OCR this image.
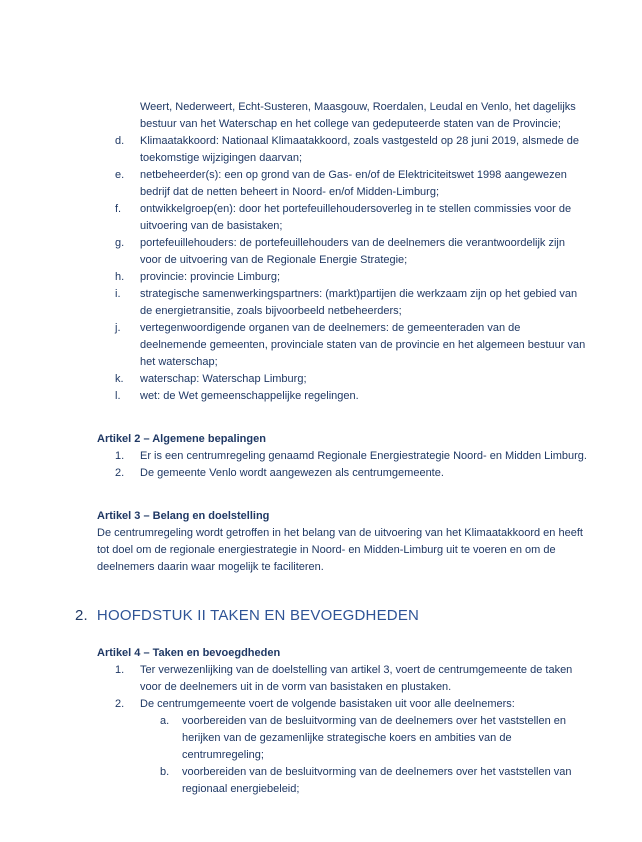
Weert, Nederweert, Echt-Susteren, Maasgouw, Roerdalen, Leudal en Venlo, het dagelijks bestuur van het Waterschap en het college van gedeputeerde staten van de Provincie;
d.	Klimaatakkoord: Nationaal Klimaatakkoord, zoals vastgesteld op 28 juni 2019, alsmede de toekomstige wijzigingen daarvan;
e.	netbeheerder(s): een op grond van de Gas- en/of de Elektriciteitswet 1998 aangewezen bedrijf dat de netten beheert in Noord- en/of Midden-Limburg;
f.	ontwikkelgroep(en): door het portefeuillehoudersoverleg in te stellen commissies voor de uitvoering van de basistaken;
g.	portefeuillehouders: de portefeuillehouders van de deelnemers die verantwoordelijk zijn voor de uitvoering van de Regionale Energie Strategie;
h.	provincie: provincie Limburg;
i.	strategische samenwerkingspartners: (markt)partijen die werkzaam zijn op het gebied van de energietransitie, zoals bijvoorbeeld netbeheerders;
j.	vertegenwoordigende organen van de deelnemers: de gemeenteraden van de deelnemende gemeenten, provinciale staten van de provincie en het algemeen bestuur van het waterschap;
k.	waterschap: Waterschap Limburg;
l.	wet: de Wet gemeenschappelijke regelingen.

Artikel 2 – Algemene bepalingen

1.	Er is een centrumregeling genaamd Regionale Energiestrategie Noord- en Midden Limburg.
2.	De gemeente Venlo wordt aangewezen als centrumgemeente.

Artikel 3 – Belang en doelstelling

De centrumregeling wordt getroffen in het belang van de uitvoering van het Klimaatakkoord en heeft tot doel om de regionale energiestrategie in Noord- en Midden-Limburg uit te voeren en om de deelnemers daarin waar mogelijk te faciliteren.

2. HOOFDSTUK II TAKEN EN BEVOEGDHEDEN

Artikel 4 – Taken en bevoegdheden

1.	Ter verwezenlijking van de doelstelling van artikel 3, voert de centrumgemeente de taken voor de deelnemers uit in de vorm van basistaken en plustaken.
2.	De centrumgemeente voert de volgende basistaken uit voor alle deelnemers:
a.	voorbereiden van de besluitvorming van de deelnemers over het vaststellen en herijken van de gezamenlijke strategische koers en ambities van de centrumregeling;
b.	voorbereiden van de besluitvorming van de deelnemers over het vaststellen van regionaal energiebeleid;
